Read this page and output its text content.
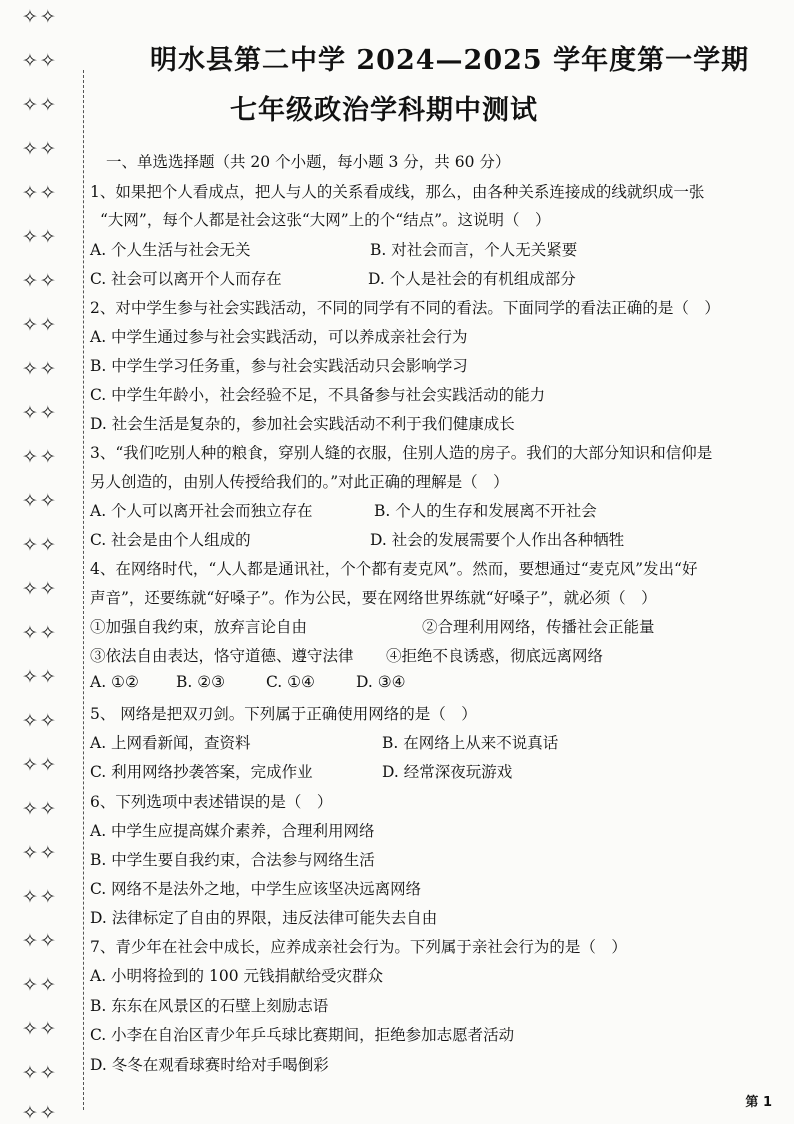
✧✧
✧✧
✧✧
✧✧
✧✧
✧✧
✧✧
✧✧
✧✧
✧✧
✧✧
✧✧
✧✧
✧✧
✧✧
✧✧
✧✧
✧✧
✧✧
✧✧
✧✧
✧✧
✧✧
✧✧
✧✧
✧✧
明水县第二中学 2024—2025 学年度第一学期
七年级政治学科期中测试
一、单选选择题（共 20 个小题，每小题 3 分，共 60 分）
1、如果把个人看成点，把人与人的关系看成线，那么，由各种关系连接成的线就织成一张
“大网”，每个人都是社会这张“大网”上的个“结点”。这说明（　）
A. 个人生活与社会无关	B. 对社会而言，个人无关紧要
C. 社会可以离开个人而存在	D. 个人是社会的有机组成部分
2、对中学生参与社会实践活动，不同的同学有不同的看法。下面同学的看法正确的是（　）
A. 中学生通过参与社会实践活动，可以养成亲社会行为
B. 中学生学习任务重，参与社会实践活动只会影响学习
C. 中学生年龄小，社会经验不足，不具备参与社会实践活动的能力
D. 社会生活是复杂的，参加社会实践活动不利于我们健康成长
3、“我们吃别人种的粮食，穿别人缝的衣服，住别人造的房子。我们的大部分知识和信仰是
另人创造的，由别人传授给我们的。”对此正确的理解是（　）
A. 个人可以离开社会而独立存在	B. 个人的生存和发展离不开社会
C. 社会是由个人组成的	D. 社会的发展需要个人作出各种牺牲
4、在网络时代，“人人都是通讯社，个个都有麦克风”。然而，要想通过“麦克风”发出“好
声音”，还要练就“好嗓子”。作为公民，要在网络世界练就“好嗓子”，就必须（　）
①加强自我约束，放弃言论自由	②合理利用网络，传播社会正能量
③依法自由表达，恪守道德、遵守法律 ④拒绝不良诱惑，彻底远离网络
A. ①② B. ②③	C. ①④	D. ③④
5、 网络是把双刃剑。下列属于正确使用网络的是（　）
A. 上网看新闻，查资料	B. 在网络上从来不说真话
C. 利用网络抄袭答案，完成作业	D. 经常深夜玩游戏
6、下列选项中表述错误的是（　）
A. 中学生应提高媒介素养，合理利用网络
B. 中学生要自我约束，合法参与网络生活
C. 网络不是法外之地，中学生应该坚决远离网络
D. 法律标定了自由的界限，违反法律可能失去自由
7、青少年在社会中成长，应养成亲社会行为。下列属于亲社会行为的是（　）
A. 小明将捡到的 100 元钱捐献给受灾群众
B. 东东在风景区的石壁上刻励志语
C. 小李在自治区青少年乒乓球比赛期间，拒绝参加志愿者活动
D. 冬冬在观看球赛时给对手喝倒彩
第 1
